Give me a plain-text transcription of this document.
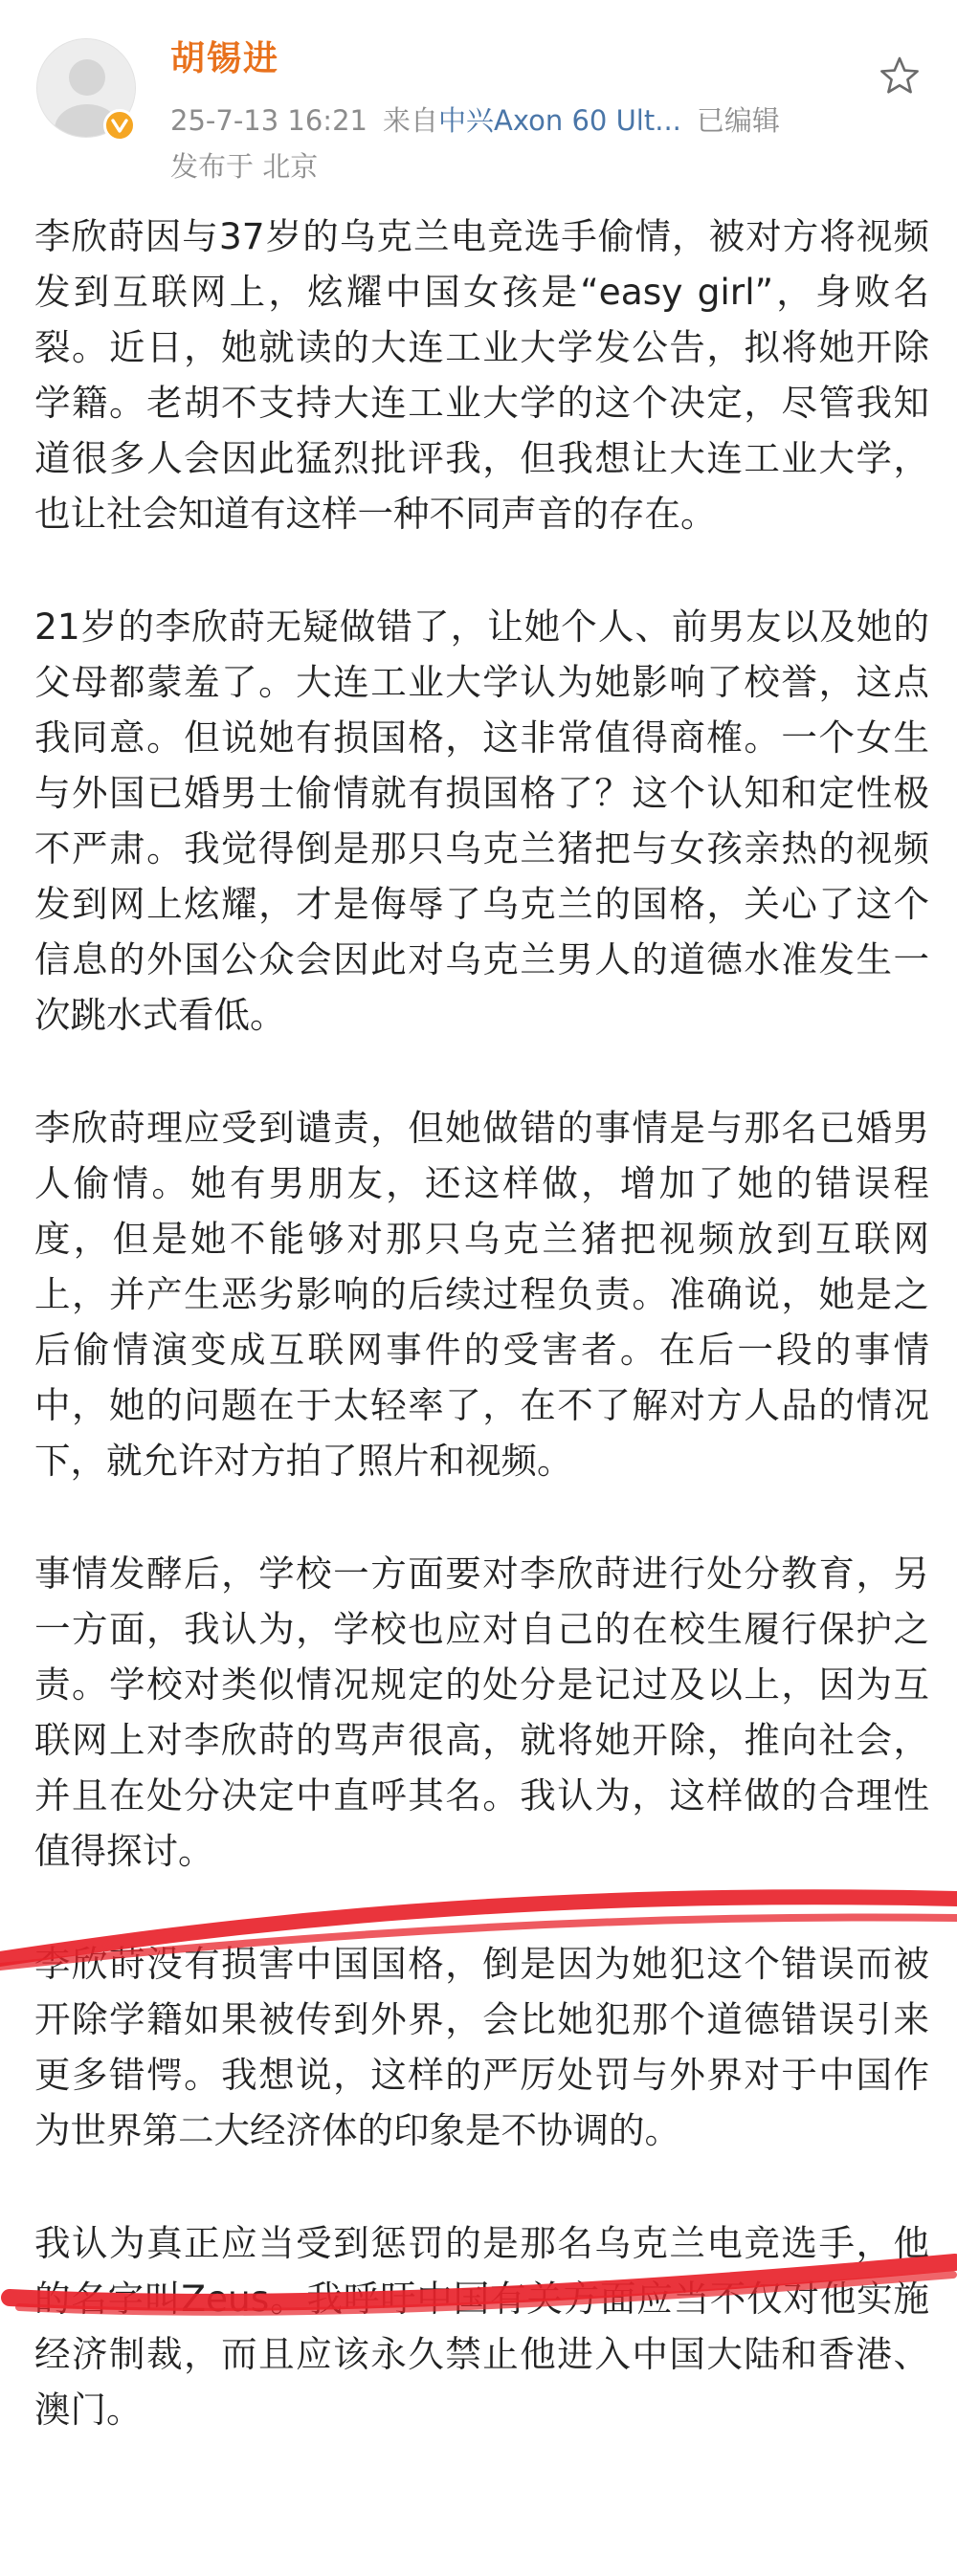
胡锡进
25-7-13 16:21 来自中兴Axon 60 Ult... 已编辑
发布于 北京

李欣莳因与37岁的乌克兰电竞选手偷情，被对方将视频发到互联网上，炫耀中国女孩是“easy girl”，身败名裂。近日，她就读的大连工业大学发公告，拟将她开除学籍。老胡不支持大连工业大学的这个决定，尽管我知道很多人会因此猛烈批评我，但我想让大连工业大学，也让社会知道有这样一种不同声音的存在。

21岁的李欣莳无疑做错了，让她个人、前男友以及她的父母都蒙羞了。大连工业大学认为她影响了校誉，这点我同意。但说她有损国格，这非常值得商榷。一个女生与外国已婚男士偷情就有损国格了？这个认知和定性极不严肃。我觉得倒是那只乌克兰猪把与女孩亲热的视频发到网上炫耀，才是侮辱了乌克兰的国格，关心了这个信息的外国公众会因此对乌克兰男人的道德水准发生一次跳水式看低。

李欣莳理应受到谴责，但她做错的事情是与那名已婚男人偷情。她有男朋友，还这样做，增加了她的错误程度，但是她不能够对那只乌克兰猪把视频放到互联网上，并产生恶劣影响的后续过程负责。准确说，她是之后偷情演变成互联网事件的受害者。在后一段的事情中，她的问题在于太轻率了，在不了解对方人品的情况下，就允许对方拍了照片和视频。

事情发酵后，学校一方面要对李欣莳进行处分教育，另一方面，我认为，学校也应对自己的在校生履行保护之责。学校对类似情况规定的处分是记过及以上，因为互联网上对李欣莳的骂声很高，就将她开除，推向社会，并且在处分决定中直呼其名。我认为，这样做的合理性值得探讨。

李欣莳没有损害中国国格，倒是因为她犯这个错误而被开除学籍如果被传到外界，会比她犯那个道德错误引来更多错愕。我想说，这样的严厉处罚与外界对于中国作为世界第二大经济体的印象是不协调的。

我认为真正应当受到惩罚的是那名乌克兰电竞选手，他的名字叫Zeus。我呼吁中国有关方面应当不仅对他实施经济制裁，而且应该永久禁止他进入中国大陆和香港、澳门。
